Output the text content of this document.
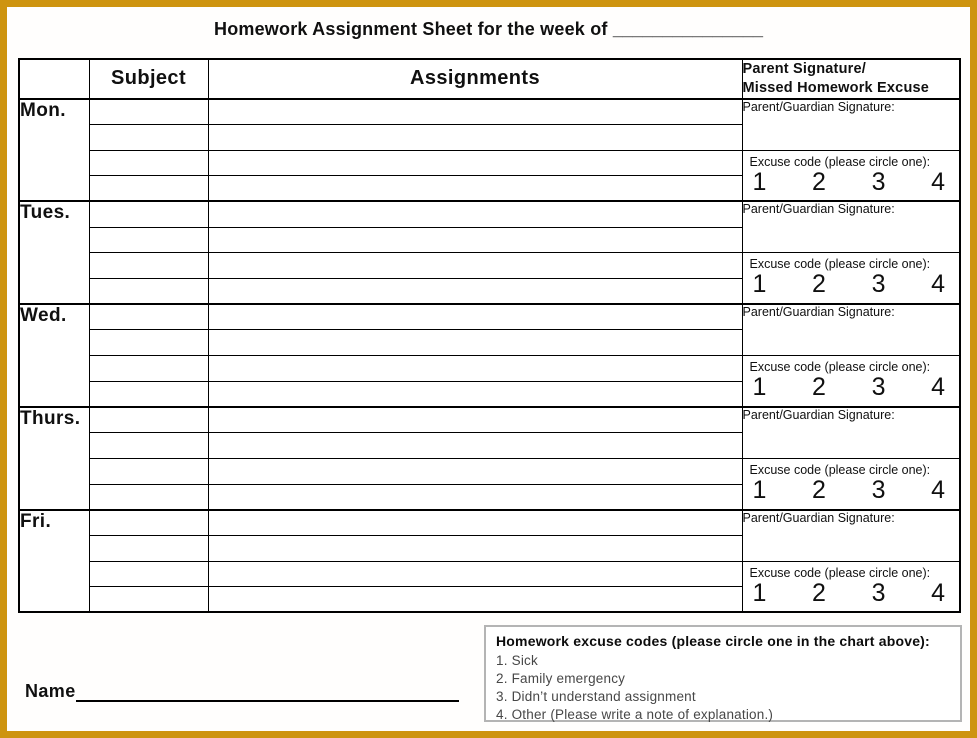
Homework Assignment Sheet for the week of _______________
	Subject	Assignments	Parent Signature/
Missed Homework Excuse

Mon.			Parent/Guardian Signature:

			Excuse code (please circle one):
1 2 3 4

Tues.			Parent/Guardian Signature:

			Excuse code (please circle one):
1 2 3 4

Wed.			Parent/Guardian Signature:

			Excuse code (please circle one):
1 2 3 4

Thurs.			Parent/Guardian Signature:

			Excuse code (please circle one):
1 2 3 4

Fri.			Parent/Guardian Signature:

			Excuse code (please circle one):
1 2 3 4

Homework excuse codes (please circle one in the chart above):
1. Sick
2. Family emergency
3. Didn’t understand assignment
4. Other (Please write a note of explanation.)
Name
